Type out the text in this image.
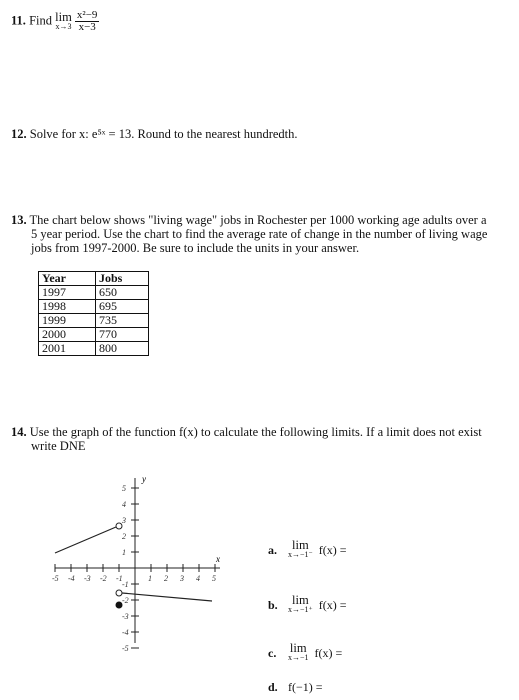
11. Find lim
x→3
$\frac{\text{x²−9}}{x-3}$
12. Solve for x: e⁵ˣ = 13. Round to the nearest hundredth.
13. The chart below shows "living wage" jobs in Rochester per 1000 working age adults over a
5 year period. Use the chart to find the average rate of change in the number of living wage
jobs from 1997-2000. Be sure to include the units in your answer.
Year	Jobs
1997	650
1998	695
1999	735
2000	770
2001	800
14. Use the graph of the function f(x) to calculate the following limits. If a limit does not exist
write DNE
-5 -4 -3 -2 -1	1 2 3 4 5
5
4
3
2
1
-1
-2
-3
-4
-5
y
x
a.	lim
x→−1⁻ f(x) =
b.	lim
x→−1⁺ f(x) =
c.	lim
x→−1 f(x) =
d. f(−1) =
